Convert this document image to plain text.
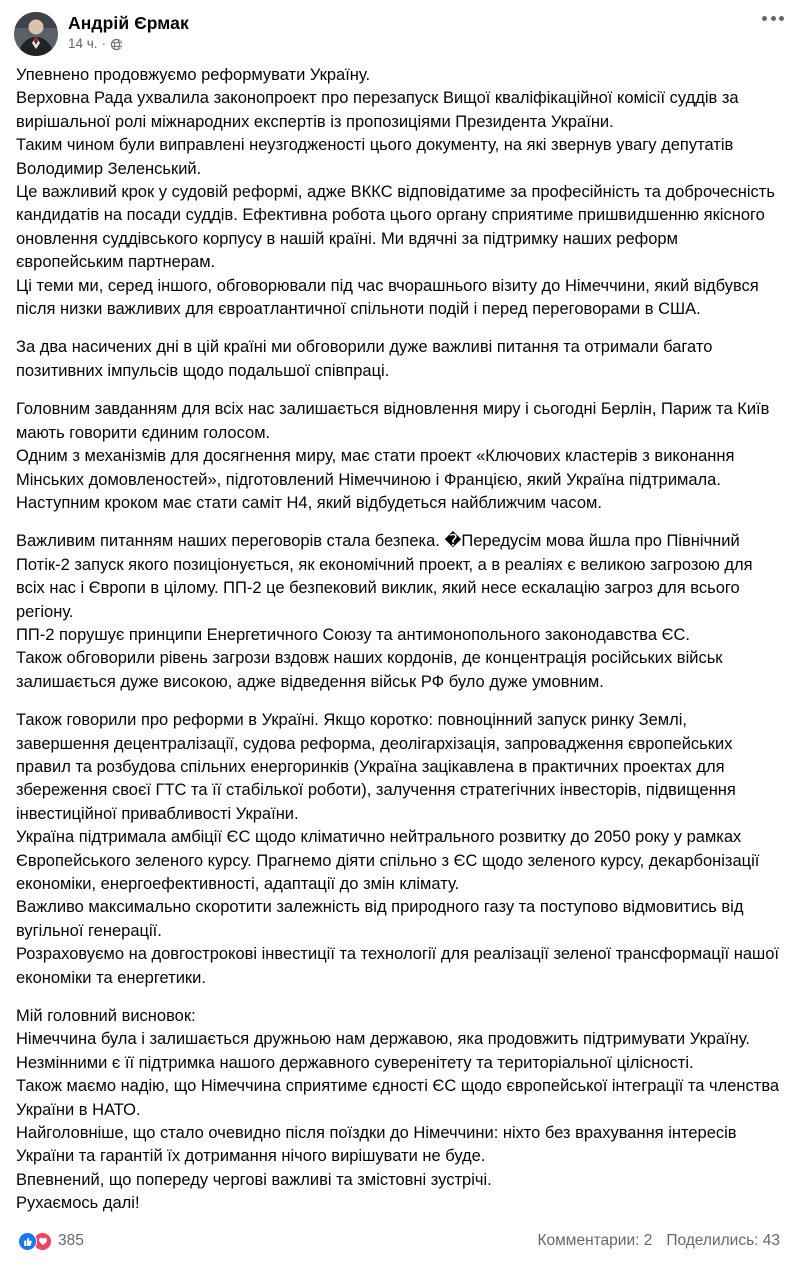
Андрій Єрмак
14 ч. ·

Упевнено продовжуємо реформувати Україну.

Верховна Рада ухвалила законопроект про перезапуск Вищої кваліфікаційної комісії суддів за вирішальної ролі міжнародних експертів із пропозиціями Президента України.

Таким чином були виправлені неузгодженості цього документу, на які звернув увагу депутатів Володимир Зеленський.

Це важливий крок у судовій реформі, адже ВККС відповідатиме за професійність та доброчесність кандидатів на посади суддів. Ефективна робота цього органу сприятиме пришвидшенню якісного оновлення суддівського корпусу в нашій країні. Ми вдячні за підтримку наших реформ європейським партнерам.

Ці теми ми, серед іншого, обговорювали під час вчорашнього візиту до Німеччини, який відбувся після низки важливих для євроатлантичної спільноти подій і перед переговорами в США.

За два насичених дні в цій країні ми обговорили дуже важливі питання та отримали багато позитивних імпульсів щодо подальшої співпраці.

Головним завданням для всіх нас залишається відновлення миру і сьогодні Берлін, Париж та Київ мають говорити єдиним голосом.

Одним з механізмів для досягнення миру, має стати проект «Ключових кластерів з виконання Мінських домовленостей», підготовлений Німеччиною і Францією, який Україна підтримала.

Наступним кроком має стати саміт Н4, який відбудеться найближчим часом.

Важливим питанням наших переговорів стала безпека. �Передусім мова йшла про Північний Потік-2 запуск якого позиціонується, як економічний проект, а в реаліях є великою загрозою для всіх нас і Європи в цілому. ПП-2 це безпековий виклик, який несе ескалацію загроз для всього регіону.

ПП-2 порушує принципи Енергетичного Союзу та антимонопольного законодавства ЄС.

Також обговорили рівень загрози вздовж наших кордонів, де концентрація російських військ залишається дуже високою, адже відведення військ РФ було дуже умовним.

Також говорили про реформи в Україні. Якщо коротко: повноцінний запуск ринку Землі, завершення децентралізації, судова реформа, деолігархізація, запровадження європейських правил та розбудова спільних енергоринків (Україна зацікавлена в практичних проектах для збереження своєї ГТС та її стабілької роботи), залучення стратегічних інвесторів, підвищення інвестиційної привабливості України.

Україна підтримала амбіції ЄС щодо кліматично нейтрального розвитку до 2050 року у рамках Європейського зеленого курсу. Прагнемо діяти спільно з ЄС щодо зеленого курсу, декарбонізації економіки, енергоефективності, адаптації до змін клімату.

Важливо максимально скоротити залежність від природного газу та поступово відмовитись від вугільної генерації.

Розраховуємо на довгострокові інвестиції та технології для реалізації зеленої трансформації нашої економіки та енергетики.

Мій головний висновок:

Німеччина була і залишається дружньою нам державою, яка продовжить підтримувати Україну.

Незмінними є її підтримка нашого державного суверенітету та територіальної цілісності.

Також маємо надію, що Німеччина сприятиме єдності ЄС щодо європейської інтеграції та членства України в НАТО.

Найголовніше, що стало очевидно після поїздки до Німеччини: ніхто без врахування інтересів України та гарантій їх дотримання нічого вирішувати не буде.

Впевнений, що попереду чергові важливі та змістовні зустрічі.

Рухаємось далі!

385	Комментарии: 2 Поделились: 43
